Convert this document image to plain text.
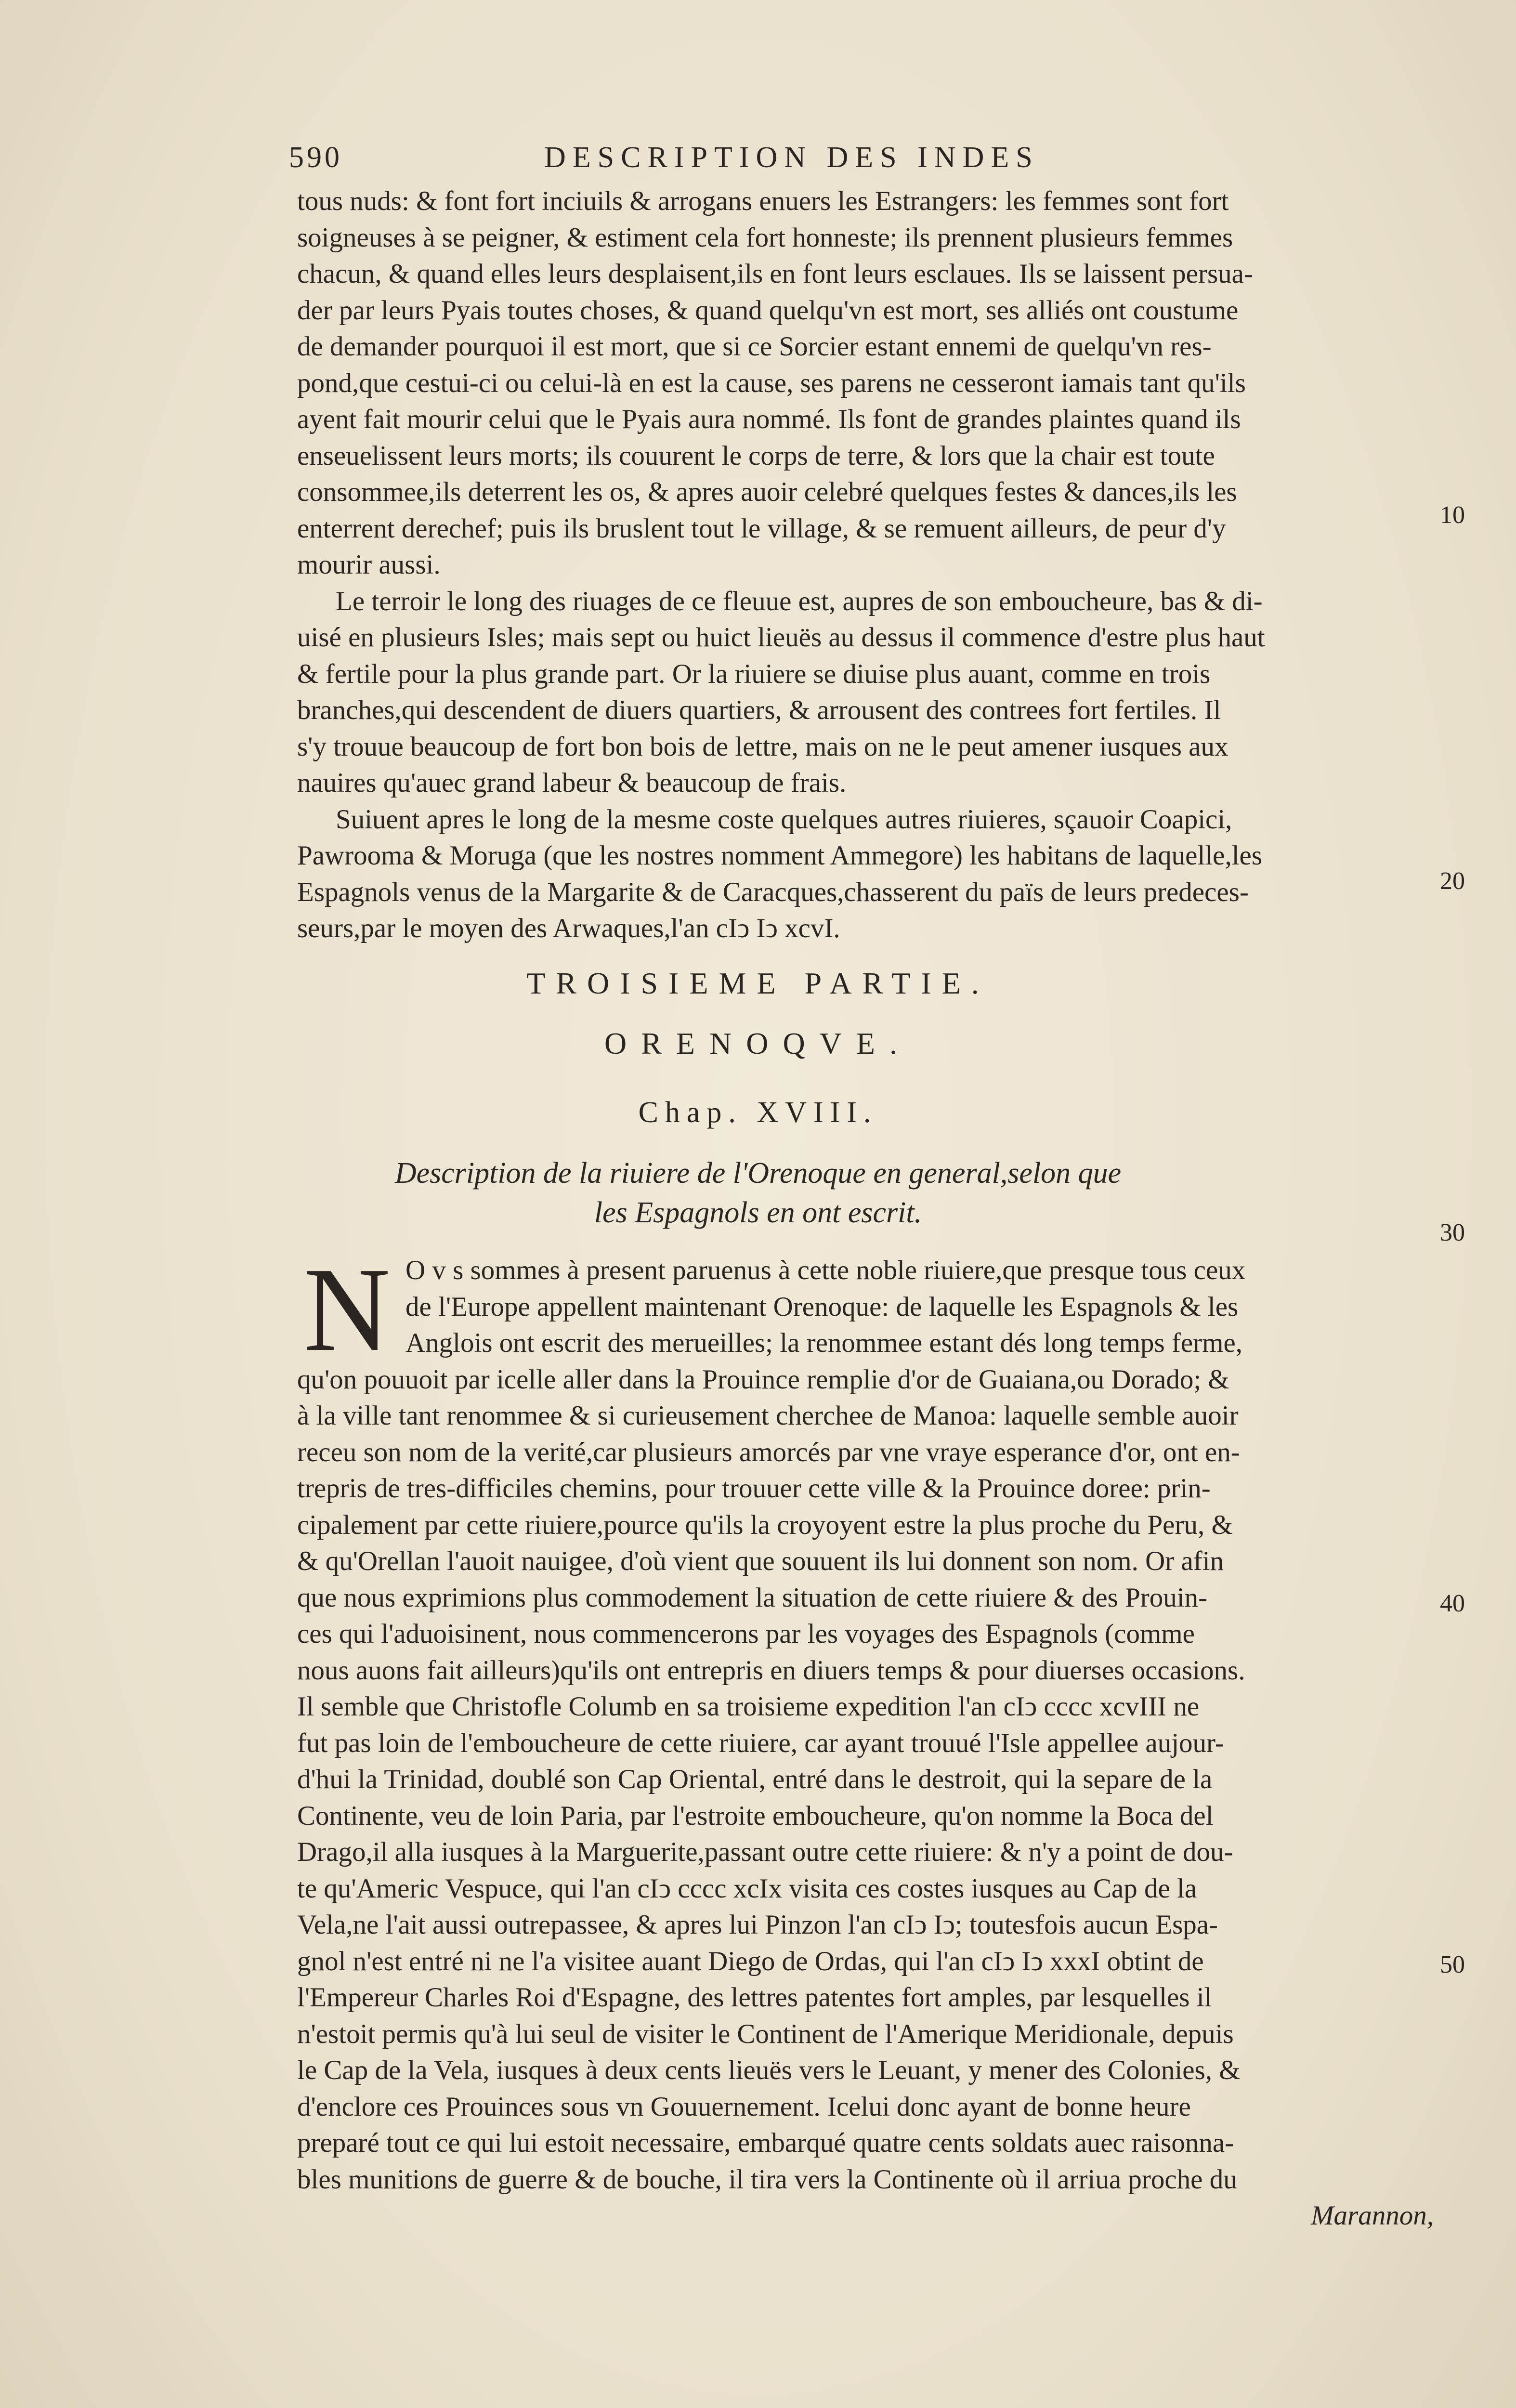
590	DESCRIPTION DES INDES
tous nuds: & font fort inciuils & arrogans enuers les Estrangers: les femmes sont fort
soigneuses à se peigner, & estiment cela fort honneste; ils prennent plusieurs femmes
chacun, & quand elles leurs desplaisent,ils en font leurs esclaues. Ils se laissent persua-
der par leurs Pyais toutes choses, & quand quelqu'vn est mort, ses alliés ont coustume
de demander pourquoi il est mort, que si ce Sorcier estant ennemi de quelqu'vn res-
pond,que cestui-ci ou celui-là en est la cause, ses parens ne cesseront iamais tant qu'ils
ayent fait mourir celui que le Pyais aura nommé. Ils font de grandes plaintes quand ils
enseuelissent leurs morts; ils couurent le corps de terre, & lors que la chair est toute
consommee,ils deterrent les os, & apres auoir celebré quelques festes & dances,ils les
enterrent derechef; puis ils bruslent tout le village, & se remuent ailleurs, de peur d'y
mourir aussi.
Le terroir le long des riuages de ce fleuue est, aupres de son emboucheure, bas & di-
uisé en plusieurs Isles; mais sept ou huict lieuës au dessus il commence d'estre plus haut
& fertile pour la plus grande part. Or la riuiere se diuise plus auant, comme en trois
branches,qui descendent de diuers quartiers, & arrousent des contrees fort fertiles. Il
s'y trouue beaucoup de fort bon bois de lettre, mais on ne le peut amener iusques aux
nauires qu'auec grand labeur & beaucoup de frais.
Suiuent apres le long de la mesme coste quelques autres riuieres, sçauoir Coapici,
Pawrooma & Moruga (que les nostres nomment Ammegore) les habitans de laquelle,les
Espagnols venus de la Margarite & de Caracques,chasserent du païs de leurs predeces-
seurs,par le moyen des Arwaques,l'an cIↄ Iↄ xcvI.
10
20
30
40
50
TROISIEME PARTIE.
ORENOQVE.
Chap. XVIII.
Description de la riuiere de l'Orenoque en general,selon que
les Espagnols en ont escrit.
N O v s sommes à present paruenus à cette noble riuiere,que presque tous ceux
de l'Europe appellent maintenant Orenoque: de laquelle les Espagnols & les
Anglois ont escrit des merueilles; la renommee estant dés long temps ferme,
qu'on pouuoit par icelle aller dans la Prouince remplie d'or de Guaiana,ou Dorado; &
à la ville tant renommee & si curieusement cherchee de Manoa: laquelle semble auoir
receu son nom de la verité,car plusieurs amorcés par vne vraye esperance d'or, ont en-
trepris de tres-difficiles chemins, pour trouuer cette ville & la Prouince doree: prin-
cipalement par cette riuiere,pource qu'ils la croyoyent estre la plus proche du Peru, &
& qu'Orellan l'auoit nauigee, d'où vient que souuent ils lui donnent son nom. Or afin
que nous exprimions plus commodement la situation de cette riuiere & des Prouin-
ces qui l'aduoisinent, nous commencerons par les voyages des Espagnols (comme
nous auons fait ailleurs)qu'ils ont entrepris en diuers temps & pour diuerses occasions.
Il semble que Christofle Columb en sa troisieme expedition l'an cIↄ cccc xcvIII ne
fut pas loin de l'emboucheure de cette riuiere, car ayant trouué l'Isle appellee aujour-
d'hui la Trinidad, doublé son Cap Oriental, entré dans le destroit, qui la separe de la
Continente, veu de loin Paria, par l'estroite emboucheure, qu'on nomme la Boca del
Drago,il alla iusques à la Marguerite,passant outre cette riuiere: & n'y a point de dou-
te qu'Americ Vespuce, qui l'an cIↄ cccc xcIx visita ces costes iusques au Cap de la
Vela,ne l'ait aussi outrepassee, & apres lui Pinzon l'an cIↄ Iↄ; toutesfois aucun Espa-
gnol n'est entré ni ne l'a visitee auant Diego de Ordas, qui l'an cIↄ Iↄ xxxI obtint de
l'Empereur Charles Roi d'Espagne, des lettres patentes fort amples, par lesquelles il
n'estoit permis qu'à lui seul de visiter le Continent de l'Amerique Meridionale, depuis
le Cap de la Vela, iusques à deux cents lieuës vers le Leuant, y mener des Colonies, &
d'enclore ces Prouinces sous vn Gouuernement. Icelui donc ayant de bonne heure
preparé tout ce qui lui estoit necessaire, embarqué quatre cents soldats auec raisonna-
bles munitions de guerre & de bouche, il tira vers la Continente où il arriua proche du
Marannon,
